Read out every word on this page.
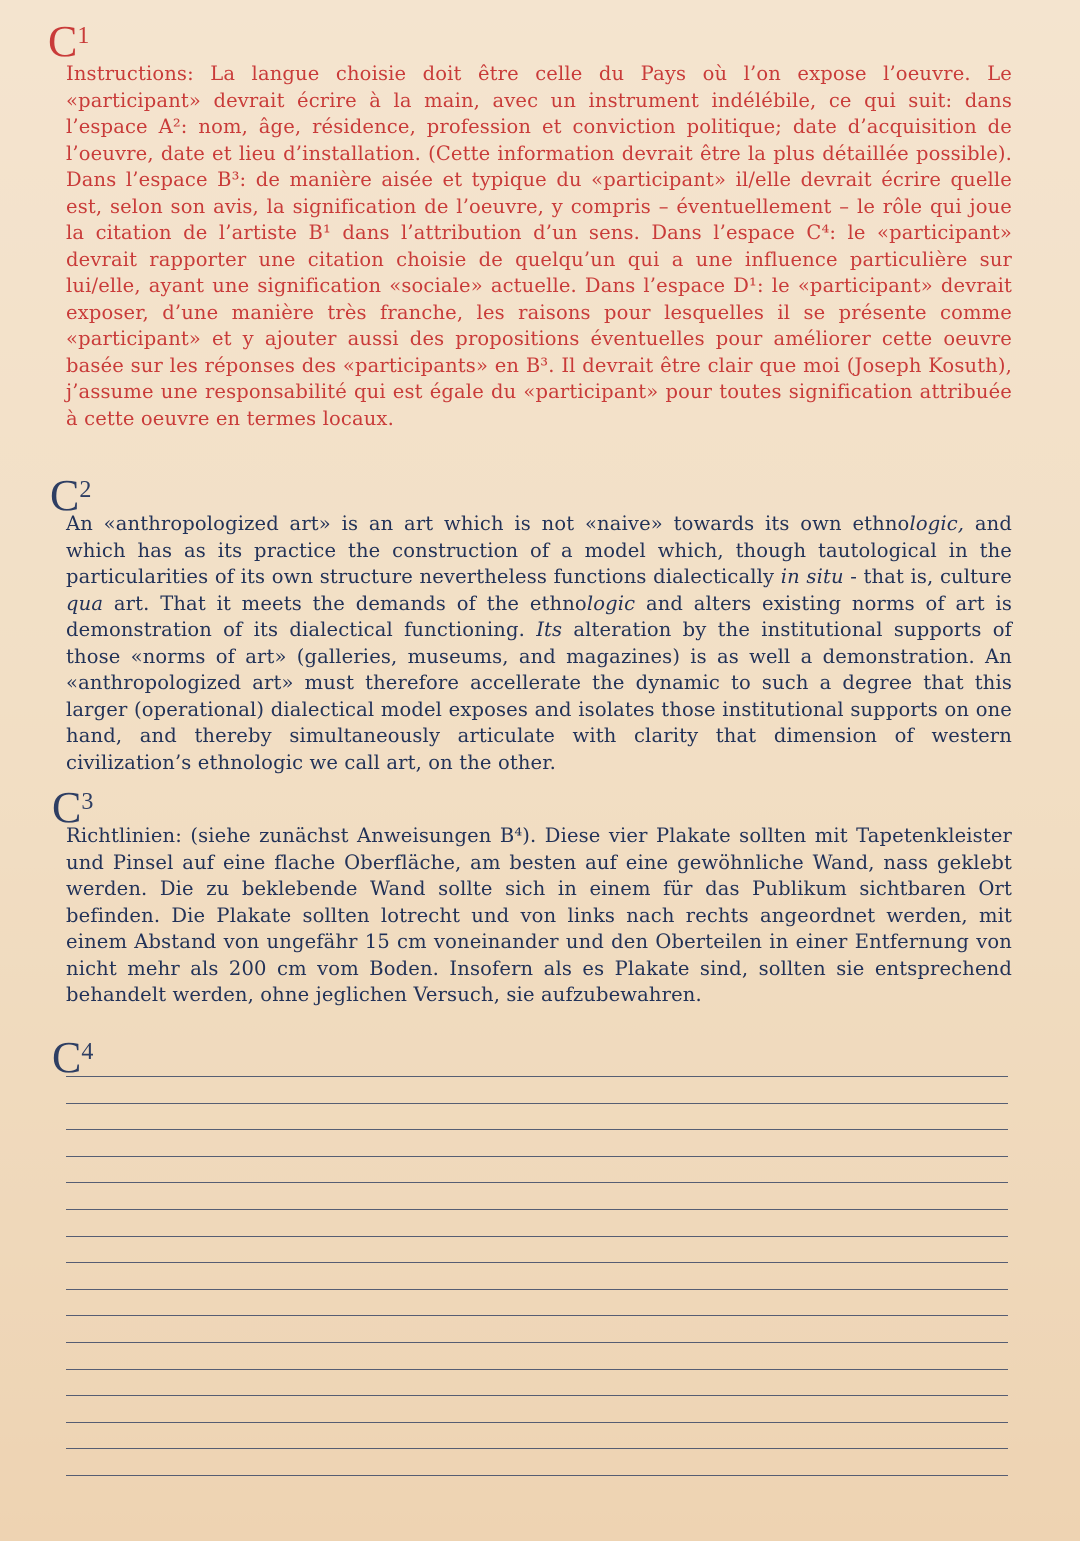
$C^1$

Instructions: La langue choisie doit être celle du Pays où l’on expose l’oeuvre. Le «participant» devrait écrire à la main, avec un instrument indélébile, ce qui suit: dans l’espace A²: nom, âge, résidence, profession et conviction politique; date d’acquisition de l’oeuvre, date et lieu d’installation. (Cette information devrait être la plus détaillée possible). Dans l’espace B³: de manière aisée et typique du «participant» il/elle devrait écrire quelle est, selon son avis, la signification de l’oeuvre, y compris – éventuellement – le rôle qui joue la citation de l’artiste B¹ dans l’attribution d’un sens. Dans l’espace C⁴: le «participant» devrait rapporter une citation choisie de quelqu’un qui a une influence particulière sur lui/elle, ayant une signification «sociale» actuelle. Dans l’espace D¹: le «participant» devrait exposer, d’une manière très franche, les raisons pour lesquelles il se présente comme «participant» et y ajouter aussi des propositions éventuelles pour améliorer cette oeuvre basée sur les réponses des «participants» en B³. Il devrait être clair que moi (Joseph Kosuth), j’assume une responsabilité qui est égale du «participant» pour toutes signification attribuée à cette oeuvre en termes locaux.

$C^2$

An «anthropologized art» is an art which is not «naive» towards its own ethnologic, and which has as its practice the construction of a model which, though tautological in the particularities of its own structure nevertheless functions dialectically in situ - that is, culture qua art. That it meets the demands of the ethnologic and alters existing norms of art is demonstration of its dialectical functioning. Its alteration by the institutional supports of those «norms of art» (galleries, museums, and magazines) is as well a demonstration. An «anthropologized art» must therefore accellerate the dynamic to such a degree that this larger (operational) dialectical model exposes and isolates those institutional supports on one hand, and thereby simultaneously articulate with clarity that dimension of western civilization’s ethnologic we call art, on the other.

$C^3$

Richtlinien: (siehe zunächst Anweisungen B⁴). Diese vier Plakate sollten mit Tapetenkleister und Pinsel auf eine flache Oberfläche, am besten auf eine gewöhnliche Wand, nass geklebt werden. Die zu beklebende Wand sollte sich in einem für das Publikum sichtbaren Ort befinden. Die Plakate sollten lotrecht und von links nach rechts angeordnet werden, mit einem Abstand von ungefähr 15 cm voneinander und den Oberteilen in einer Entfernung von nicht mehr als 200 cm vom Boden. Insofern als es Plakate sind, sollten sie entsprechend behandelt werden, ohne jeglichen Versuch, sie aufzubewahren.

$C^4$
